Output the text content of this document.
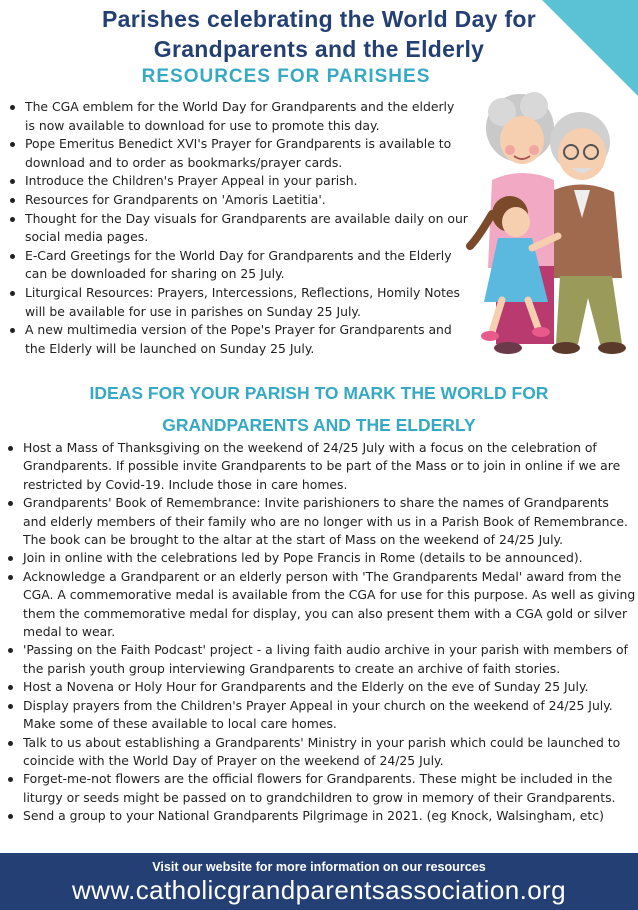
Parishes celebrating the World Day for
Grandparents and the Elderly
RESOURCES FOR PARISHES
The CGA emblem for the World Day for Grandparents and the elderly is now available to download for use to promote this day.
Pope Emeritus Benedict XVI's Prayer for Grandparents is available to download and to order as bookmarks/prayer cards.
Introduce the Children's Prayer Appeal in your parish.
Resources for Grandparents on 'Amoris Laetitia'.
Thought for the Day visuals for Grandparents are available daily on our social media pages.
E-Card Greetings for the World Day for Grandparents and the Elderly can be downloaded for sharing on 25 July.
Liturgical Resources: Prayers, Intercessions, Reflections, Homily Notes will be available for use in parishes on Sunday 25 July.
A new multimedia version of the Pope's Prayer for Grandparents and the Elderly will be launched on Sunday 25 July.
IDEAS FOR YOUR PARISH TO MARK THE WORLD FOR
GRANDPARENTS AND THE ELDERLY
Host a Mass of Thanksgiving on the weekend of 24/25 July with a focus on the celebration of Grandparents. If possible invite Grandparents to be part of the Mass or to join in online if we are restricted by Covid-19. Include those in care homes.
Grandparents' Book of Remembrance: Invite parishioners to share the names of Grandparents and elderly members of their family who are no longer with us in a Parish Book of Remembrance. The book can be brought to the altar at the start of Mass on the weekend of 24/25 July.
Join in online with the celebrations led by Pope Francis in Rome (details to be announced).
Acknowledge a Grandparent or an elderly person with 'The Grandparents Medal' award from the CGA. A commemorative medal is available from the CGA for use for this purpose. As well as giving them the commemorative medal for display, you can also present them with a CGA gold or silver medal to wear.
'Passing on the Faith Podcast' project - a living faith audio archive in your parish with members of the parish youth group interviewing Grandparents to create an archive of faith stories.
Host a Novena or Holy Hour for Grandparents and the Elderly on the eve of Sunday 25 July.
Display prayers from the Children's Prayer Appeal in your church on the weekend of 24/25 July. Make some of these available to local care homes.
Talk to us about establishing a Grandparents' Ministry in your parish which could be launched to coincide with the World Day of Prayer on the weekend of 24/25 July.
Forget-me-not flowers are the official flowers for Grandparents. These might be included in the liturgy or seeds might be passed on to grandchildren to grow in memory of their Grandparents.
Send a group to your National Grandparents Pilgrimage in 2021. (eg Knock, Walsingham, etc)
Visit our website for more information on our resources
www.catholicgrandparentsassociation.org
